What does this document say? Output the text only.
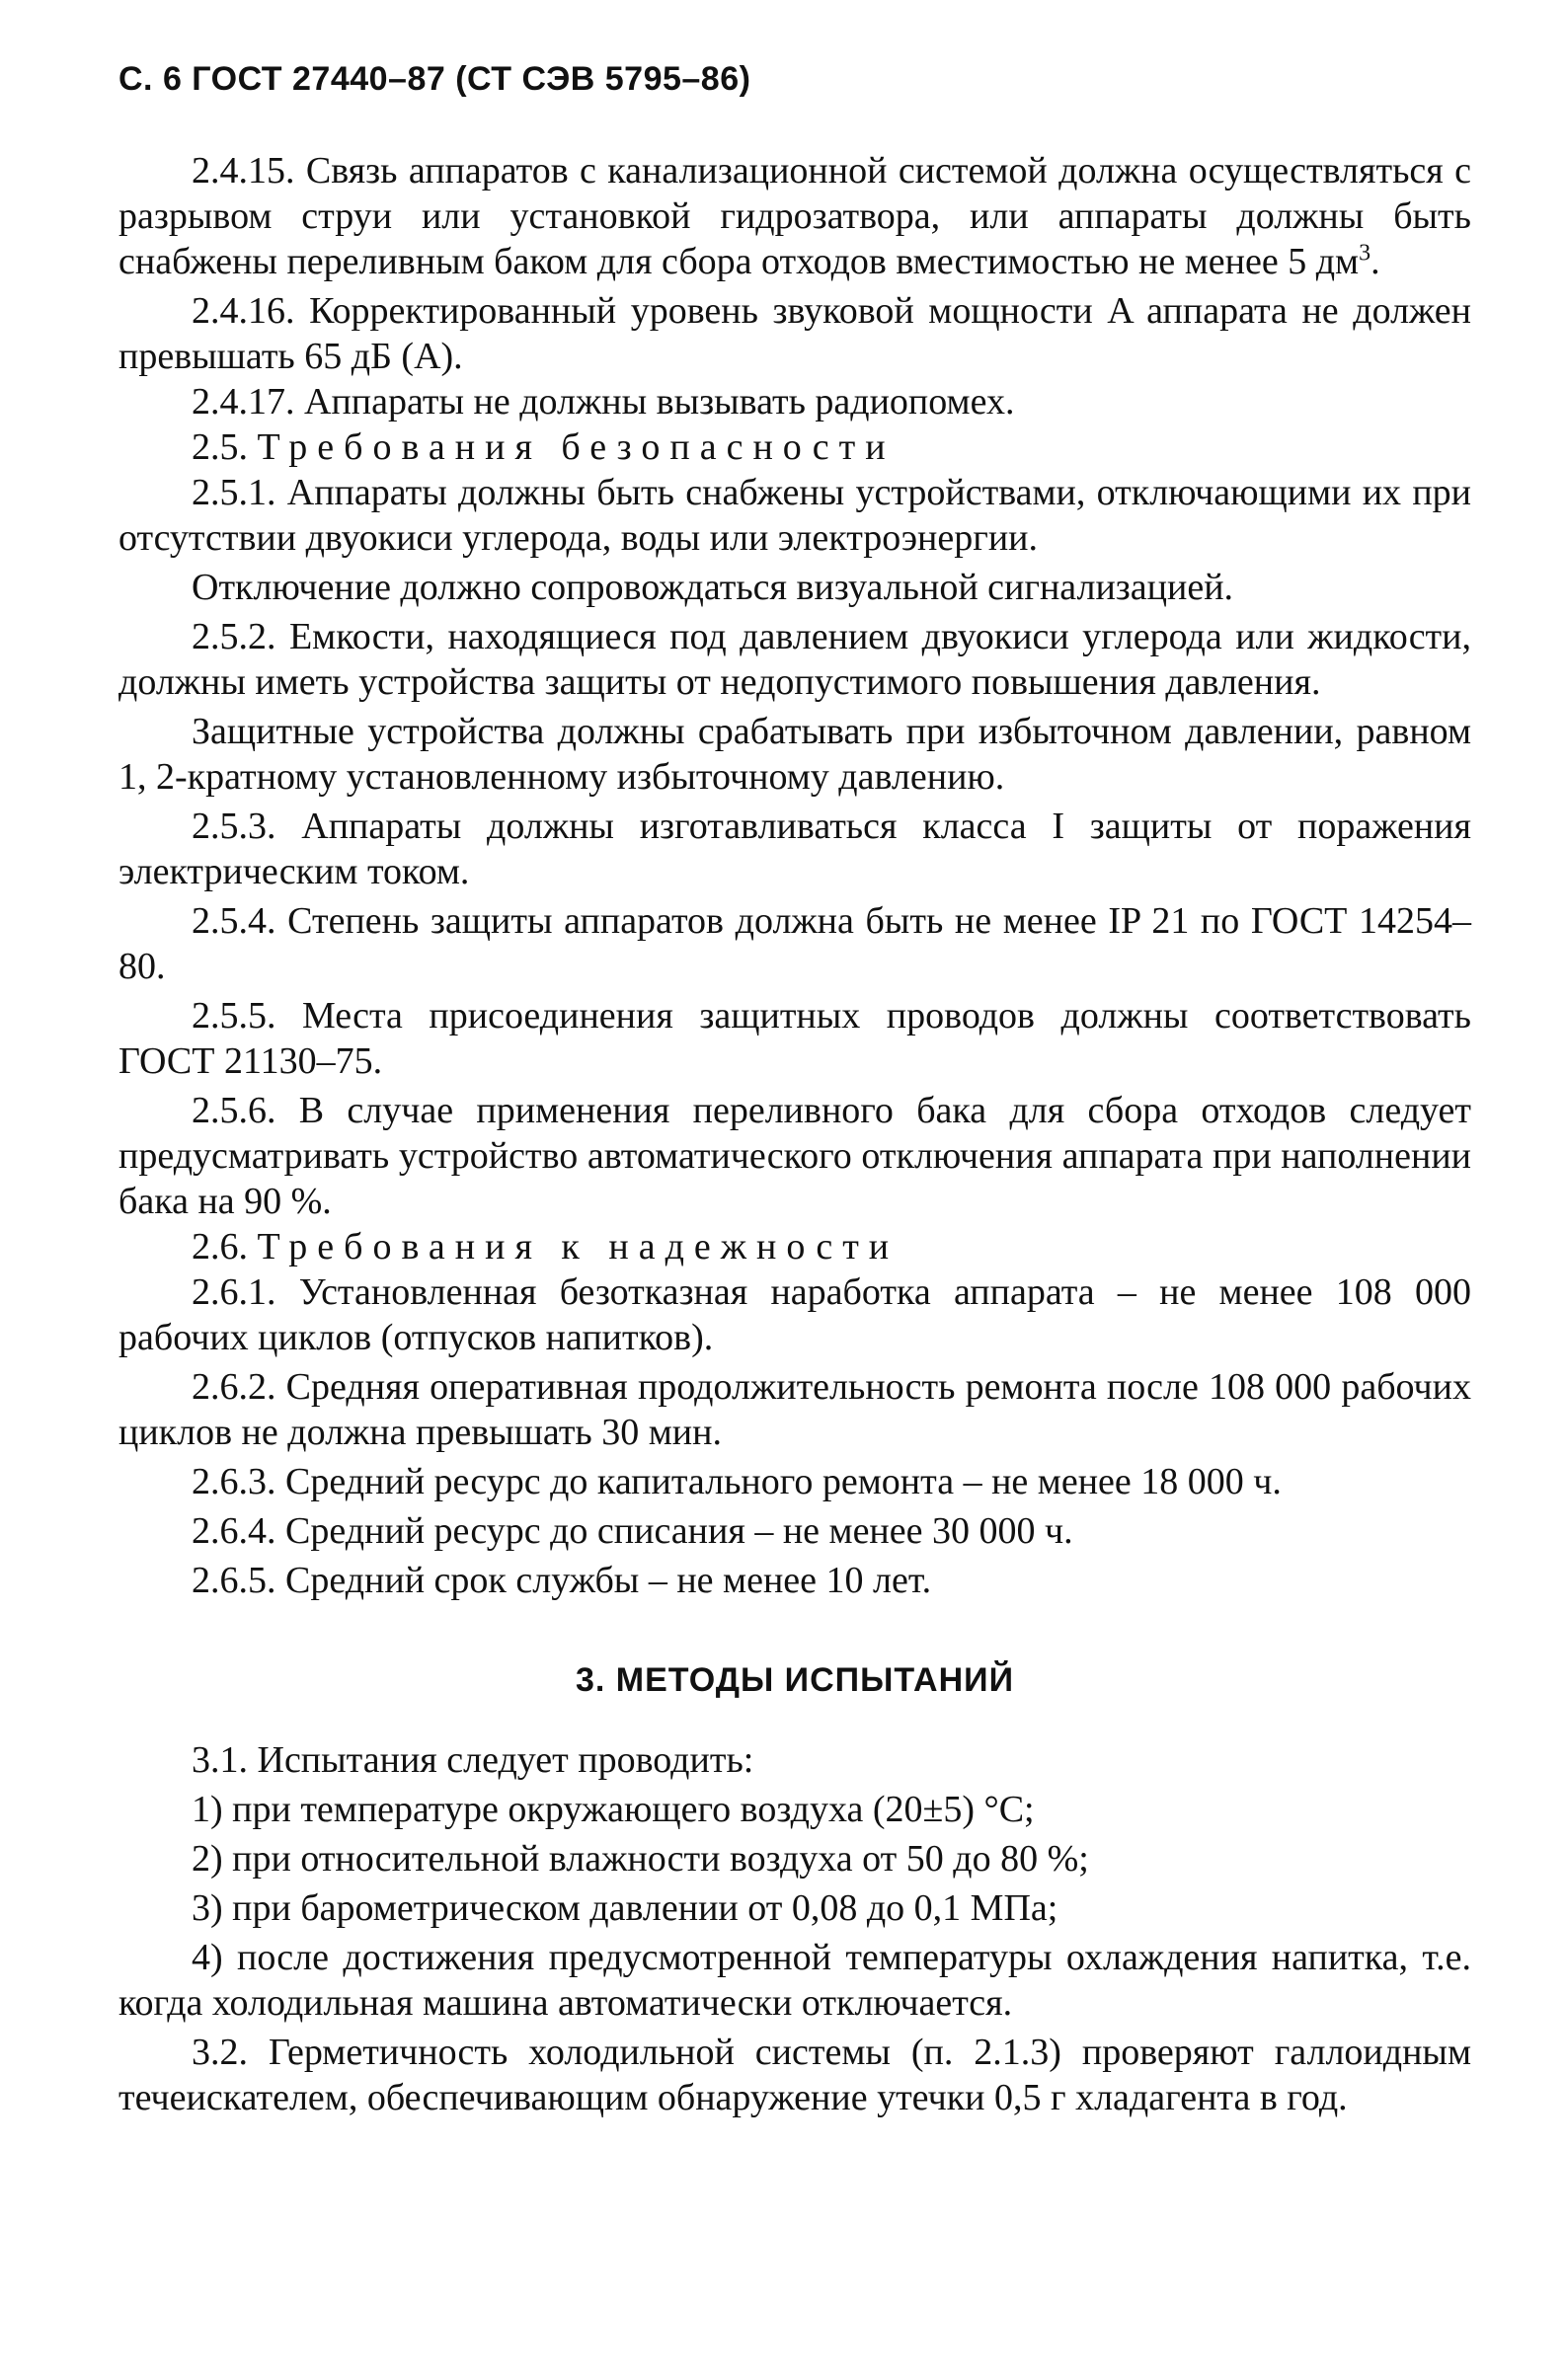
С. 6 ГОСТ 27440–87 (СТ СЭВ 5795–86)

2.4.15. Связь аппаратов с канализационной системой должна осуществляться с разрывом струи или установкой гидрозатвора, или аппараты должны быть снабжены переливным баком для сбора отходов вместимостью не менее 5 $дм^3$.

2.4.16. Корректированный уровень звуковой мощности A аппарата не должен превышать 65 дБ (A).

2.4.17. Аппараты не должны вызывать радиопомех.

2.5. Требования безопасности

2.5.1. Аппараты должны быть снабжены устройствами, отключающими их при отсутствии двуокиси углерода, воды или электроэнергии.

Отключение должно сопровождаться визуальной сигнализацией.

2.5.2. Емкости, находящиеся под давлением двуокиси углерода или жидкости, должны иметь устройства защиты от недопустимого повышения давления.

Защитные устройства должны срабатывать при избыточном давлении, равном 1, 2-кратному установленному избыточному давлению.

2.5.3. Аппараты должны изготавливаться класса I защиты от поражения электрическим током.

2.5.4. Степень защиты аппаратов должна быть не менее IP 21 по ГОСТ 14254–80.

2.5.5. Места присоединения защитных проводов должны соответствовать ГОСТ 21130–75.

2.5.6. В случае применения переливного бака для сбора отходов следует предусматривать устройство автоматического отключения аппарата при наполнении бака на 90 %.

2.6. Требования к надежности

2.6.1. Установленная безотказная наработка аппарата – не менее 108 000 рабочих циклов (отпусков напитков).

2.6.2. Средняя оперативная продолжительность ремонта после 108 000 рабочих циклов не должна превышать 30 мин.

2.6.3. Средний ресурс до капитального ремонта – не менее 18 000 ч.

2.6.4. Средний ресурс до списания – не менее 30 000 ч.

2.6.5. Средний срок службы – не менее 10 лет.

3. МЕТОДЫ ИСПЫТАНИЙ

3.1. Испытания следует проводить:

1) при температуре окружающего воздуха (20±5) °С;

2) при относительной влажности воздуха от 50 до 80 %;

3) при барометрическом давлении от 0,08 до 0,1 МПа;

4) после достижения предусмотренной температуры охлаждения напитка, т.е. когда холодильная машина автоматически отключается.

3.2. Герметичность холодильной системы (п. 2.1.3) проверяют галлоидным течеискателем, обеспечивающим обнаружение утечки 0,5 г хладагента в год.
